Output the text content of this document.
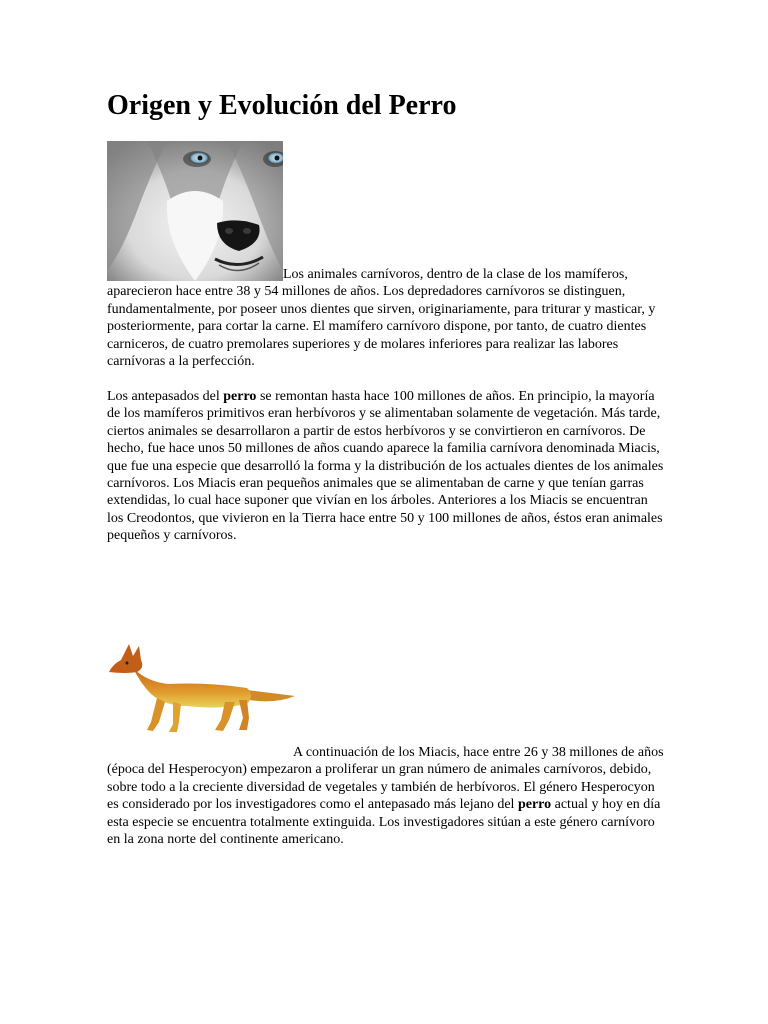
Origen y Evolución del Perro

Los animales carnívoros, dentro de la clase de los mamíferos, aparecieron hace entre 38 y 54 millones de años. Los depredadores carnívoros se distinguen, fundamentalmente, por poseer unos dientes que sirven, originariamente, para triturar y masticar, y posteriormente, para cortar la carne. El mamífero carnívoro dispone, por tanto, de cuatro dientes carniceros, de cuatro premolares superiores y de molares inferiores para realizar las labores carnívoras a la perfección.

Los antepasados del perro se remontan hasta hace 100 millones de años. En principio, la mayoría de los mamíferos primitivos eran herbívoros y se alimentaban solamente de vegetación. Más tarde, ciertos animales se desarrollaron a partir de estos herbívoros y se convirtieron en carnívoros. De hecho, fue hace unos 50 millones de años cuando aparece la familia carnívora denominada Miacis, que fue una especie que desarrolló la forma y la distribución de los actuales dientes de los animales carnívoros. Los Miacis eran pequeños animales que se alimentaban de carne y que tenían garras extendidas, lo cual hace suponer que vivían en los árboles. Anteriores a los Miacis se encuentran los Creodontos, que vivieron en la Tierra hace entre 50 y 100 millones de años, éstos eran animales pequeños y carnívoros.

A continuación de los Miacis, hace entre 26 y 38 millones de años (época del Hesperocyon) empezaron a proliferar un gran número de animales carnívoros, debido, sobre todo a la creciente diversidad de vegetales y también de herbívoros. El género Hesperocyon es considerado por los investigadores como el antepasado más lejano del perro actual y hoy en día esta especie se encuentra totalmente extinguida. Los investigadores sitúan a este género carnívoro en la zona norte del continente americano.
